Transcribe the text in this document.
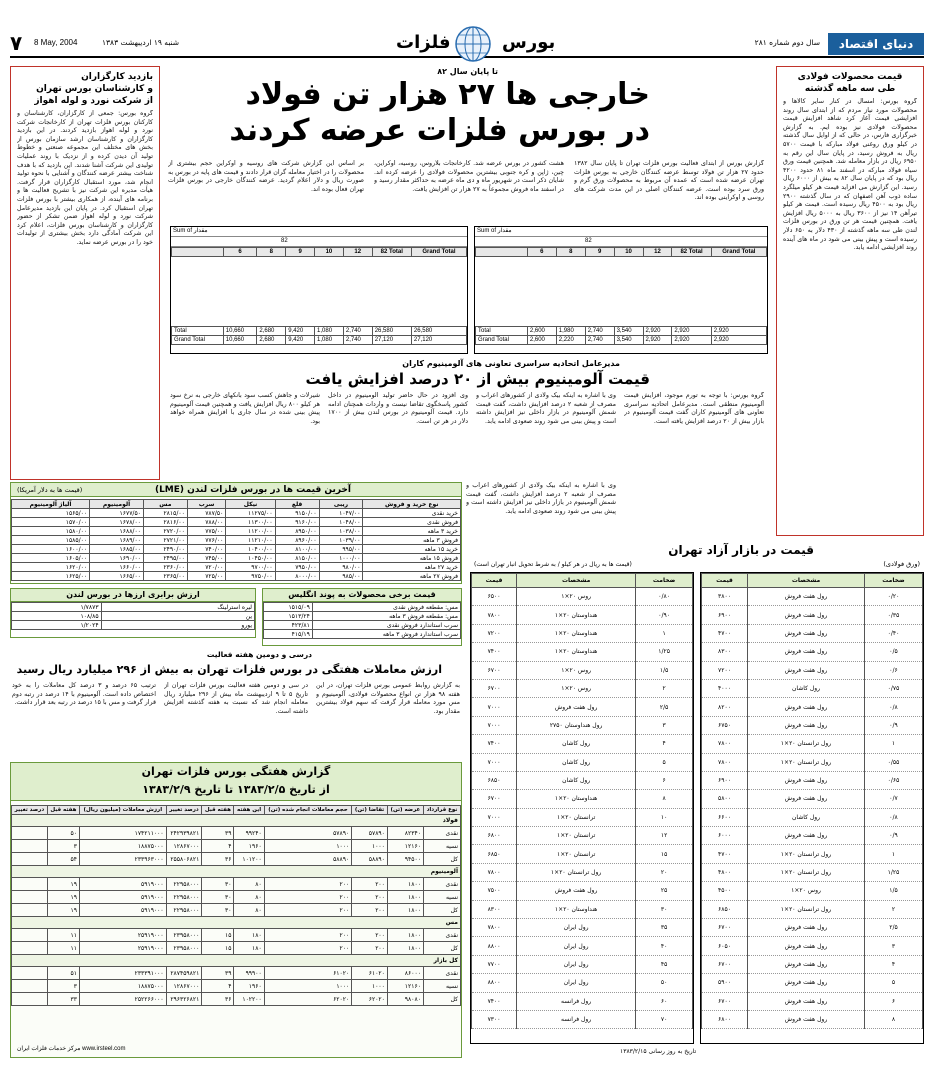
۷ 8 May, 2004	شنبه ۱۹ اردیبهشت ۱۳۸۳	فلزات	بورس	سال دوم شماره ۲۸۱	دنیای اقتصاد
بازدید کارگزاران
و کارشناسان بورس تهران
از شرکت نورد و لوله اهواز
گروه بورس: جمعی از کارگزاران، کارشناسان و کارکنان بورس فلزات تهران از کارخانجات شرکت نورد و لوله اهواز بازدید کردند. در این بازدید کارگزاران و کارشناسان ارشد سازمان بورس از بخش های مختلف این مجموعه صنعتی و خطوط تولید آن دیدن کرده و از نزدیک با روند عملیات تولیدی این شرکت آشنا شدند. این بازدید که با هدف شناخت بیشتر عرضه کنندگان و آشنایی با نحوه تولید انجام شد، مورد استقبال کارگزاران قرار گرفت. هیأت مدیره این شرکت نیز با تشریح فعالیت ها و برنامه های آینده، از همکاری بیشتر با بورس فلزات تهران استقبال کرد. در پایان این بازدید مدیرعامل شرکت نورد و لوله اهواز ضمن تشکر از حضور کارگزاران و کارشناسان بورس فلزات، اعلام کرد این شرکت آمادگی دارد بخش بیشتری از تولیدات خود را در بورس عرضه نماید.
تا پایان سال ۸۲
خارجی ها ۲۷ هزار تن فولاد
در بورس فلزات عرضه کردند
گزارش بورس از ابتدای فعالیت بورس فلزات تهران تا پایان سال ۱۳۸۲ حدود ۲۷ هزار تن فولاد توسط عرضه کنندگان خارجی به بورس فلزات تهران عرضه شده است که عمده آن مربوط به محصولات ورق گرم و ورق سرد بوده است. عرضه کنندگان اصلی در این مدت شرکت های روسی و اوکراینی بوده اند.
هشت کشور در بورس عرضه شد. کارخانجات بلاروس، روسیه، اوکراین، چین، ژاپن و کره جنوبی بیشترین محصولات فولادی را عرضه کرده اند. شایان ذکر است در شهریور ماه و دی ماه عرضه به حداکثر مقدار رسید و در اسفند ماه فروش مجموعاً به ۲۷ هزار تن افزایش یافت.
بر اساس این گزارش شرکت های روسیه و اوکراین حجم بیشتری از محصولات را در اختیار معامله گران قرار دادند و قیمت های پایه در بورس به صورت ریال و دلار اعلام گردید. عرضه کنندگان خارجی در بورس فلزات تهران فعال بوده اند.
Sum of مقدار
82
	6	8	9	10	12	82 Total	Grand Total

Total	10,660	2,680	9,420	1,080	2,740	26,580	26,580
Grand Total	10,660	2,680	9,420	1,080	2,740	27,120	27,120
Sum of مقدار
82
	6	8	9	10	12	82 Total	Grand Total

Total	2,600	1,980	2,740	3,540	2,920	2,920	2,920
Grand Total	2,600	2,220	2,740	3,540	2,920	2,920	2,920
مدیرعامل اتحادیه سراسری تعاونی های آلومینیوم کاران
قیمت آلومینیوم بیش از ۲۰ درصد افزایش یافت
گروه بورس: با توجه به تورم موجود، افزایش قیمت آلومینیوم منطقی است. مدیرعامل اتحادیه سراسری تعاونی های آلومینیوم کاران گفت قیمت آلومینیوم در بازار بیش از ۲۰ درصد افزایش یافته است.
وی با اشاره به اینکه بیک ولادی از کشورهای اعراب و مصرف از شعبه ۲ درصد افزایش داشت، گفت قیمت شمش آلومینیوم در بازار داخلی نیز افزایش داشته است و پیش بینی می شود روند صعودی ادامه یابد.
وی افزود در حال حاضر تولید آلومینیوم در داخل کشور پاسخگوی تقاضا نیست و واردات همچنان ادامه دارد. قیمت آلومینیوم در بورس لندن بیش از ۱۷۰۰ دلار در هر تن است.
شیرلات و جاهش کسب سود بانکهای خارجی به نرخ سود هر کیلو ۸۰۰ ریال افزایش یافت و همچنین قیمت آلومینیوم پیش بینی شده در سال جاری با افزایش همراه خواهد بود.
قیمت محصولات فولادی
طی سه ماهه گذشته
گروه بورس: امسال در کنار سایر کالاها و محصولات مورد نیاز مردم که از ابتدای سال روند افزایشی قیمت آغاز کرد شاهد افزایش قیمت محصولات فولادی نیز بوده ایم. به گزارش خبرگزاری فارس، در حالی که از اوایل سال گذشته در کیلو ورق روغنی فولاد مبارکه با قیمت ۵۷۰۰ ریال به فروش رسید، در پایان سال این رقم به ۶۹۵۰ ریال در بازار معامله شد. همچنین قیمت ورق سیاه فولاد مبارکه در اسفند ماه ۸۱ حدود ۴۲۰۰ ریال بود که در پایان سال ۸۲ به بیش از ۶۰۰۰ ریال رسید. این گزارش می افزاید قیمت هر کیلو میلگرد ساده ذوب آهن اصفهان که در سال گذشته ۲۹۰۰ ریال بود به ۴۵۰۰ ریال رسیده است. قیمت هر کیلو تیرآهن ۱۴ نیز از ۳۶۰۰ ریال به ۵۰۰۰ ریال افزایش یافت. همچنین قیمت هر تن ورق در بورس فلزات لندن طی سه ماهه گذشته از ۴۳۰ دلار به ۶۵۰ دلار رسیده است و پیش بینی می شود در ماه های آینده روند افزایشی ادامه یابد.
آخرین قیمت ها در بورس فلزات لندن (LME)
(قیمت ها به دلار آمریکا)
نوع خرید و فروش	ریبی	قلع	نیکل	سرب	مس	آلومینیوم	آلیاژ آلومینیوم
خرید نقدی	۱۰۴۷/۰۰	۹۱۵۰/۰۰	۱۱۲۷۵/۰۰	۷۸۷/۵۰	۲۸۱۵/۰۰	۱۶۷۷/۵۰	۱۵۶۵/۰۰
فروش نقدی	۱۰۴۸/۰۰	۹۱۶۰/۰۰	۱۱۳۰۰/۰۰	۷۸۸/۰۰	۲۸۱۶/۰۰	۱۶۷۸/۰۰	۱۵۷۰/۰۰
خرید ۳ ماهه	۱۰۳۸/۰۰	۸۹۵۰/۰۰	۱۱۲۰۰/۰۰	۷۷۵/۰۰	۲۷۲۰/۰۰	۱۶۸۸/۰۰	۱۵۸۰/۰۰
فروش ۳ ماهه	۱۰۳۹/۰۰	۸۹۶۰/۰۰	۱۱۲۱۰/۰۰	۷۷۶/۰۰	۲۷۲۱/۰۰	۱۶۸۹/۰۰	۱۵۸۵/۰۰
خرید ۱۵ ماهه	۹۹۵/۰۰	۸۱۰۰/۰۰	۱۰۴۰۰/۰۰	۷۴۰/۰۰	۲۴۹۰/۰۰	۱۶۸۵/۰۰	۱۶۰۰/۰۰
فروش ۱۵ ماهه	۱۰۰۰/۰۰	۸۱۵۰/۰۰	۱۰۴۵۰/۰۰	۷۴۵/۰۰	۲۴۹۵/۰۰	۱۶۹۰/۰۰	۱۶۰۵/۰۰
خرید ۲۷ ماهه	۹۸۰/۰۰	۷۹۵۰/۰۰	۹۷۰۰/۰۰	۷۲۰/۰۰	۲۳۶۰/۰۰	۱۶۶۰/۰۰	۱۶۲۰/۰۰
فروش ۲۷ ماهه	۹۸۵/۰۰	۸۰۰۰/۰۰	۹۷۵۰/۰۰	۷۲۵/۰۰	۲۳۶۵/۰۰	۱۶۶۵/۰۰	۱۶۲۵/۰۰
وی با اشاره به اینکه بیک ولادی از کشورهای اعراب و مصرف از شعبه ۲ درصد افزایش داشت، گفت قیمت شمش آلومینیوم در بازار داخلی نیز افزایش داشته است و پیش بینی می شود روند صعودی ادامه یابد.
قیمت برخی محصولات به پوند انگلیس
مس: مقطعه فروش نقدی	۱۵۱۵/۰۹
مس: مقطعه فروش ۳ ماهه	۱۵۱۳/۲۴
سرب استاندارد فروش نقدی	۴۲۳/۸۱
سرب استاندارد فروش ۳ ماهه	۴۱۵/۱۹
ارزش برابری ارزها در بورس لندن
لیره استرلینگ	۱/۷۸۷۳
ین	۱۰۸/۸۵
یورو	۱/۲۰۲۴
درسی و دومین هفته فعالیت
ارزش معاملات هفتگی در بورس فلزات تهران به بیش از ۲۹۶ میلیارد ریال رسید
به گزارش روابط عمومی بورس فلزات تهران، در این هفته ۹۸ هزار تن انواع محصولات فولادی، آلومینیوم و مس مورد معامله قرار گرفت که سهم فولاد بیشترین مقدار بود.
در سی و دومین هفته فعالیت بورس فلزات تهران از تاریخ ۵ تا ۹ اردیبهشت ماه بیش از ۲۹۶ میلیارد ریال معامله انجام شد که نسبت به هفته گذشته افزایش داشته است.
ترتیب ۶۵ درصد و ۳ درصد کل معاملات را به خود اختصاص داده است. آلومینیوم با ۱۴ درصد در رتبه دوم قرار گرفت و مس با ۱۵ درصد در رتبه بعد قرار داشت.
گزارش هفتگی بورس فلزات تهران
از تاریخ ۱۳۸۳/۲/۵ تا تاریخ ۱۳۸۳/۲/۹
نوع قرارداد	عرضه (تن)	تقاضا (تن)	حجم معاملات انجام شده (تن)	این هفته	هفته قبل	درصد تغییر	ارزش معاملات (میلیون ریال)	هفته قبل	درصد تغییر
فولاد									
نقدی	۸۲۳۴۰	۵۷۸۹۰	۵۷۸۹۰	۹۹۲۴۰	۳۹	۲۴۲۹۳۹۸۲۱	۱۷۴۲۱۱۰۰۰	۵۰	
نسیه	۱۲۱۶۰	۱۰۰۰	۱۰۰۰	۱۹۶۰	۴	۱۲۸۶۷۰۰۰	۱۸۸۷۵۰۰۰	۳	
کل	۹۴۵۰۰	۵۸۸۹۰	۵۸۸۹۰	۱۰۱۲۰۰	۳۶	۲۵۵۸۰۶۸۲۱	۲۳۳۹۶۳۰۰۰	۵۴	
آلومینیوم									
نقدی	۱۸۰۰	۲۰۰	۲۰۰	۸۰	۳۰	۲۲۹۵۸۰۰۰	۵۹۱۹۰۰۰	۱۹	
نسیه	۱۸۰۰	۲۰۰	۲۰۰	۸۰	۳۰	۲۲۹۵۸۰۰۰	۵۹۱۹۰۰۰	۱۹	
کل	۱۸۰۰	۲۰۰	۲۰۰	۸۰	۳۰	۲۲۹۵۸۰۰۰	۵۹۱۹۰۰۰	۱۹	
مس									
نقدی	۱۸۰۰	۲۰۰	۲۰۰	۱۸۰	۱۵	۲۳۹۵۸۰۰۰	۲۵۹۱۹۰۰۰	۱۱	
کل	۱۸۰۰	۲۰۰	۲۰۰	۱۸۰	۱۵	۲۳۹۵۸۰۰۰	۲۵۹۱۹۰۰۰	۱۱	
کل بازار									
نقدی	۸۶۰۰۰	۶۱۰۲۰	۶۱۰۲۰	۹۹۹۰۰	۳۹	۲۸۷۴۵۹۸۲۱	۲۳۳۳۹۱۰۰۰	۵۱	
نسیه	۱۲۱۶۰	۱۰۰۰	۱۰۰۰	۱۹۶۰	۴	۱۲۸۶۷۰۰۰	۱۸۸۷۵۰۰۰	۳	
کل	۹۸۰۸۰	۶۲۰۲۰	۶۲۰۲۰	۱۰۲۲۰۰	۳۶	۲۹۶۳۲۶۸۲۱	۲۵۲۲۶۶۰۰۰	۳۳	
مرکز خدمات فلزات ایران www.irsteel.com
قیمت در بازار آزاد تهران
(ورق فولادی)
(قیمت ها به ریال در هر کیلو / به شرط تحویل انبار تهران است)
ضخامت	مشخصات	قیمت
۰/۲۰	رول هفت فروش	۳۸۰۰
۰/۳۵	رول هفت فروش	۶۹۰۰
۰/۴۰	رول هفت فروش	۴۷۰۰
۰/۵	رول هفت فروش	۸۳۰۰
۰/۶	رول هفت فروش	۷۲۰۰
۰/۷۵	رول کاشان	۴۰۰۰
۰/۸	رول هفت فروش	۸۲۰۰
۰/۹	رول هفت فروش	۶۷۵۰
۱	رول ترانستان ۲۰×۱	۷۸۰۰
۰/۵۵	رول ترانستان ۲۰×۱	۷۸۰۰
۰/۶۵	رول هفت فروش	۶۹۰۰
۰/۷	رول هفت فروش	۵۸۰۰
۰/۸	رول کاشان	۶۶۰۰
۰/۹	رول هفت فروش	۶۰۰۰
۱	رول ترانستان ۲۰×۱	۴۷۰۰
۱/۲۵	رول ترانستان ۲۰×۱	۴۸۰۰
۱/۵	روس ۲۰×۱	۴۵۰۰
۲	رول ترانستان ۲۰×۱	۶۸۵۰
۲/۵	رول هفت فروش	۶۷۰۰
۳	رول هفت فروش	۶۰۵۰
۴	رول هفت فروش	۶۷۰۰
۵	رول هفت فروش	۵۹۰۰
۶	رول هفت فروش	۶۷۰۰
۸	رول هفت فروش	۶۸۰۰
ضخامت	مشخصات	قیمت
۰/۸۰	روس ۲۰×۱	۶۵۰۰
۰/۹۰	هنداوستان ۲۰×۱	۷۸۰۰
۱	هنداوستان ۲۰×۱	۷۲۰۰
۱/۲۵	هنداوستان ۲۰×۱	۷۴۰۰
۱/۵	روس ۲۰×۱	۶۷۰۰
۲	روس ۲۰×۱	۶۷۰۰
۲/۵	رول هفت فروش	۷۰۰۰
۳	رول هنداوستان ۲۷۵۰	۷۰۰۰
۴	رول کاشان	۷۴۰۰
۵	رول کاشان	۷۰۰۰
۶	رول کاشان	۶۸۵۰
۸	هنداوستان ۲۰×۱	۶۷۰۰
۱۰	ترانستان ۲۰×۱	۷۰۰۰
۱۲	ترانستان ۲۰×۱	۶۸۰۰
۱۵	ترانستان ۲۰×۱	۶۸۵۰
۲۰	رول ترانستان ۲۰×۱	۷۸۰۰
۲۵	رول هفت فروش	۷۵۰۰
۳۰	هنداوستان ۲۰×۱	۸۳۰۰
۳۵	رول ایران	۷۸۰۰
۴۰	رول ایران	۸۸۰۰
۴۵	رول ایران	۷۷۰۰
۵۰	رول ایران	۸۸۰۰
۶۰	رول فرانسه	۷۴۰۰
۷۰	رول فرانسه	۷۳۰۰
تاریخ به روز رسانی ۱۳۸۳/۲/۱۵
